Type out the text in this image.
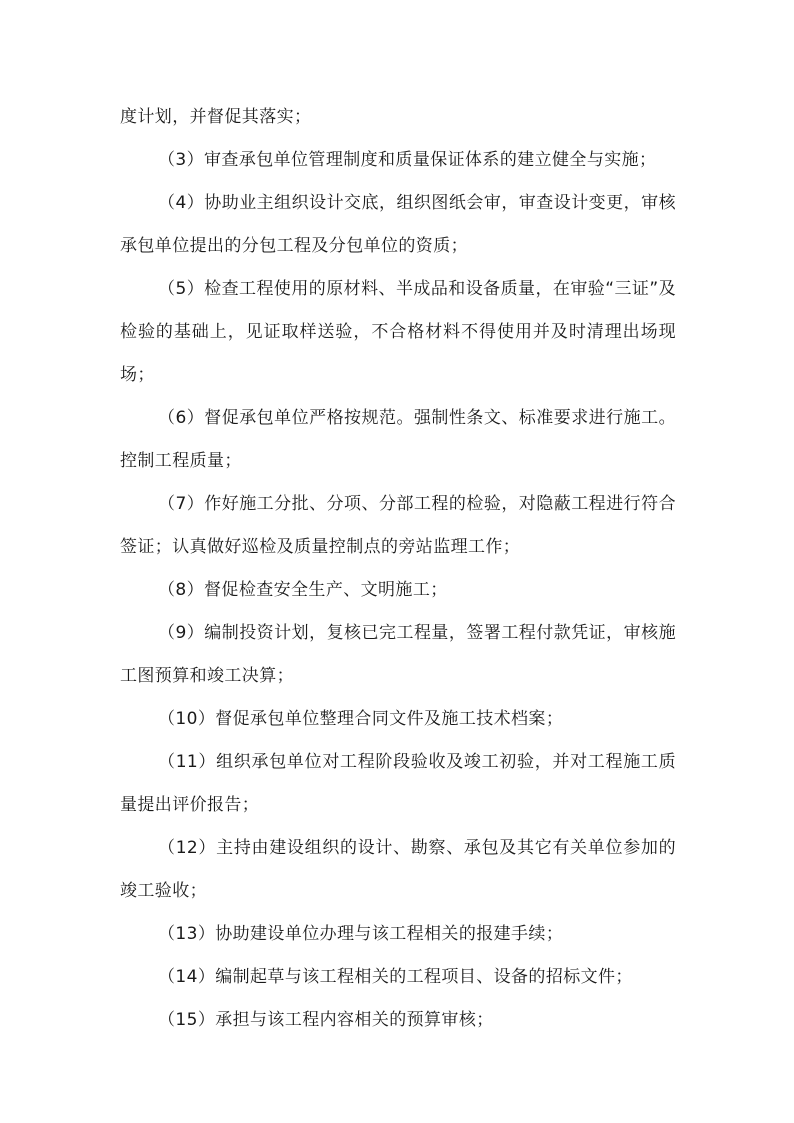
度计划，并督促其落实；

（3）审查承包单位管理制度和质量保证体系的建立健全与实施；

（4）协助业主组织设计交底，组织图纸会审，审查设计变更，审核承包单位提出的分包工程及分包单位的资质；

（5）检查工程使用的原材料、半成品和设备质量，在审验“三证”及检验的基础上，见证取样送验，不合格材料不得使用并及时清理出场现场；

（6）督促承包单位严格按规范。强制性条文、标准要求进行施工。控制工程质量；

（7）作好施工分批、分项、分部工程的检验，对隐蔽工程进行符合签证；认真做好巡检及质量控制点的旁站监理工作；

（8）督促检查安全生产、文明施工；

（9）编制投资计划，复核已完工程量，签署工程付款凭证，审核施工图预算和竣工决算；

（10）督促承包单位整理合同文件及施工技术档案；

（11）组织承包单位对工程阶段验收及竣工初验，并对工程施工质量提出评价报告；

（12）主持由建设组织的设计、勘察、承包及其它有关单位参加的竣工验收；

（13）协助建设单位办理与该工程相关的报建手续；

（14）编制起草与该工程相关的工程项目、设备的招标文件；

（15）承担与该工程内容相关的预算审核；
